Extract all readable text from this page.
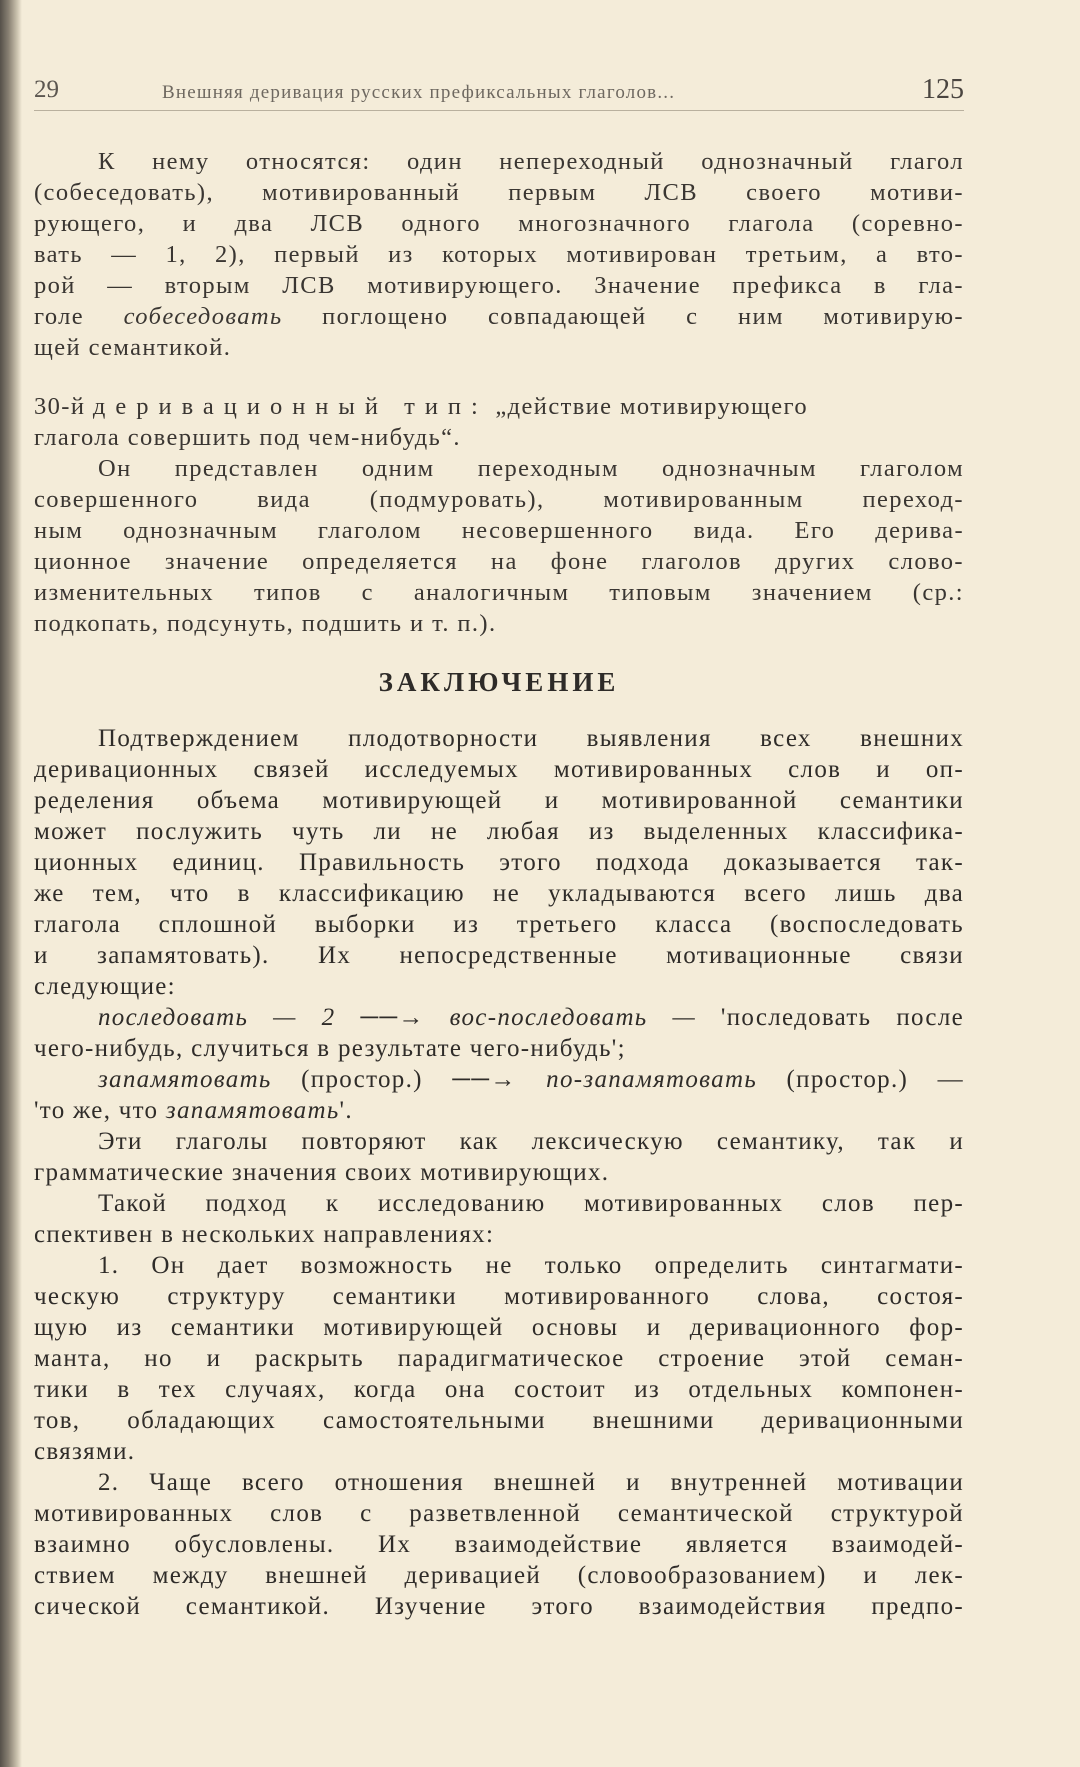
29	Внешняя деривация русских префиксальных глаголов...	125
К нему относятся: один непереходный однозначный глагол
(собеседовать), мотивированный первым ЛСВ своего мотиви-
рующего, и два ЛСВ одного многозначного глагола (соревно-
вать — 1, 2), первый из которых мотивирован третьим, а вто-
рой — вторым ЛСВ мотивирующего. Значение префикса в гла-
голе собеседовать поглощено совпадающей с ним мотивирую-
щей семантикой.
30-й деривационный тип: „действие мотивирующего
глагола совершить под чем-нибудь“.
Он представлен одним переходным однозначным глаголом
совершенного вида (подмуровать), мотивированным переход-
ным однозначным глаголом несовершенного вида. Его дерива-
ционное значение определяется на фоне глаголов других слово-
изменительных типов с аналогичным типовым значением (ср.:
подкопать, подсунуть, подшить и т. п.).
ЗАКЛЮЧЕНИЕ
Подтверждением плодотворности выявления всех внешних
деривационных связей исследуемых мотивированных слов и оп-
ределения объема мотивирующей и мотивированной семантики
может послужить чуть ли не любая из выделенных классифика-
ционных единиц. Правильность этого подхода доказывается так-
же тем, что в классификацию не укладываются всего лишь два
глагола сплошной выборки из третьего класса (воспоследовать
и запамятовать). Их непосредственные мотивационные связи
следующие:
последовать — 2 ──→ вос-последовать — 'последовать после
чего-нибудь, случиться в результате чего-нибудь';
запамятовать (простор.) ──→ по-запамятовать (простор.) —
'то же, что запамятовать'.
Эти глаголы повторяют как лексическую семантику, так и
грамматические значения своих мотивирующих.
Такой подход к исследованию мотивированных слов пер-
спективен в нескольких направлениях:
1. Он дает возможность не только определить синтагмати-
ческую структуру семантики мотивированного слова, состоя-
щую из семантики мотивирующей основы и деривационного фор-
манта, но и раскрыть парадигматическое строение этой семан-
тики в тех случаях, когда она состоит из отдельных компонен-
тов, обладающих самостоятельными внешними деривационными
связями.
2. Чаще всего отношения внешней и внутренней мотивации
мотивированных слов с разветвленной семантической структурой
взаимно обусловлены. Их взаимодействие является взаимодей-
ствием между внешней деривацией (словообразованием) и лек-
сической семантикой. Изучение этого взаимодействия предпо-
